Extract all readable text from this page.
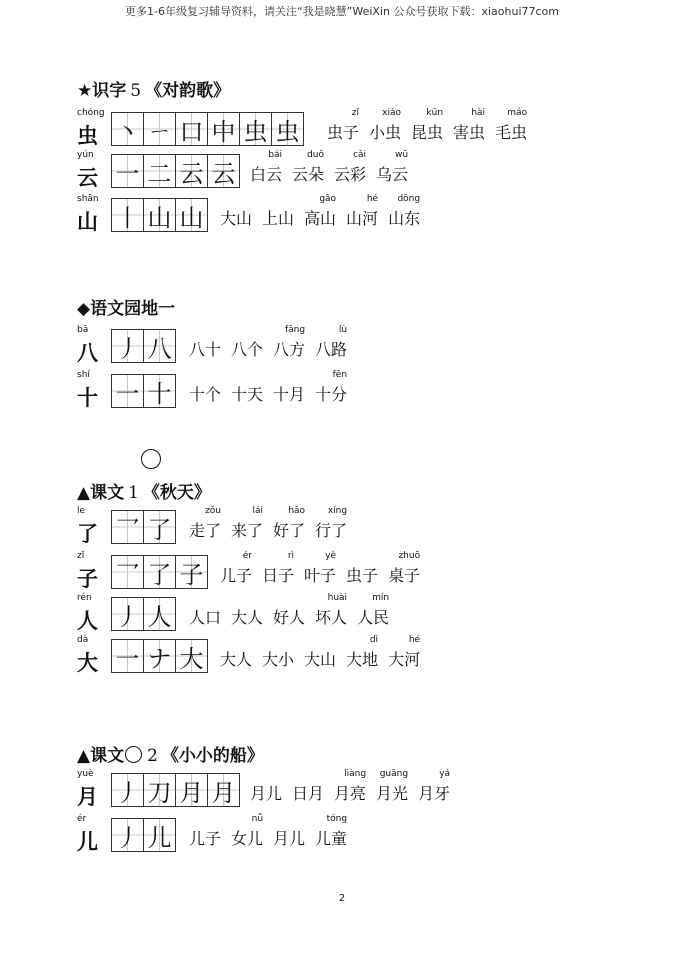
更多1-6年级复习辅导资料，请关注“我是晓慧”WeiXin 公众号获取下载：xiaohui77com
★识字 5 《对韵歌》
chóng
虫 丶 ㄧ 口 中 虫 虫
zǐ
虫子
xiǎo
小虫
kūn
昆虫
hài
害虫
máo
毛虫
yún
云 一 二 云 云
bái
白云
duǒ
云朵
cǎi
云彩
wū
乌云
shān
山 丨 山 山 大山 上山
gāo
高山
hé
山河
dōng
山东
◆语文园地一
bā
八 丿 八 八十 八个
fāng
八方
lù
八路
shí
十 一 十 十个 十天 十月
fēn
十分
▲课文 1 《秋天》
le
了 乛 了
zǒu
走了
lái
来了
hǎo
好了
xíng
行了
zǐ
子 乛 了 子
ér
儿子
rì
日子
yè
叶子 虫子
zhuō
桌子
rén
人 丿 人 人口 大人 好人
huài
坏人
mín
人民
dà
大 一 ナ 大 大人 大小 大山
dì
大地
hé
大河
▲课文○ 2 《小小的船》
yuè
月 丿 刀 月 月 月儿 日月
liàng
月亮
guāng
月光
yá
月牙
ér
儿 丿 儿 儿子
nǚ
女儿 月儿
tóng
儿童
2
